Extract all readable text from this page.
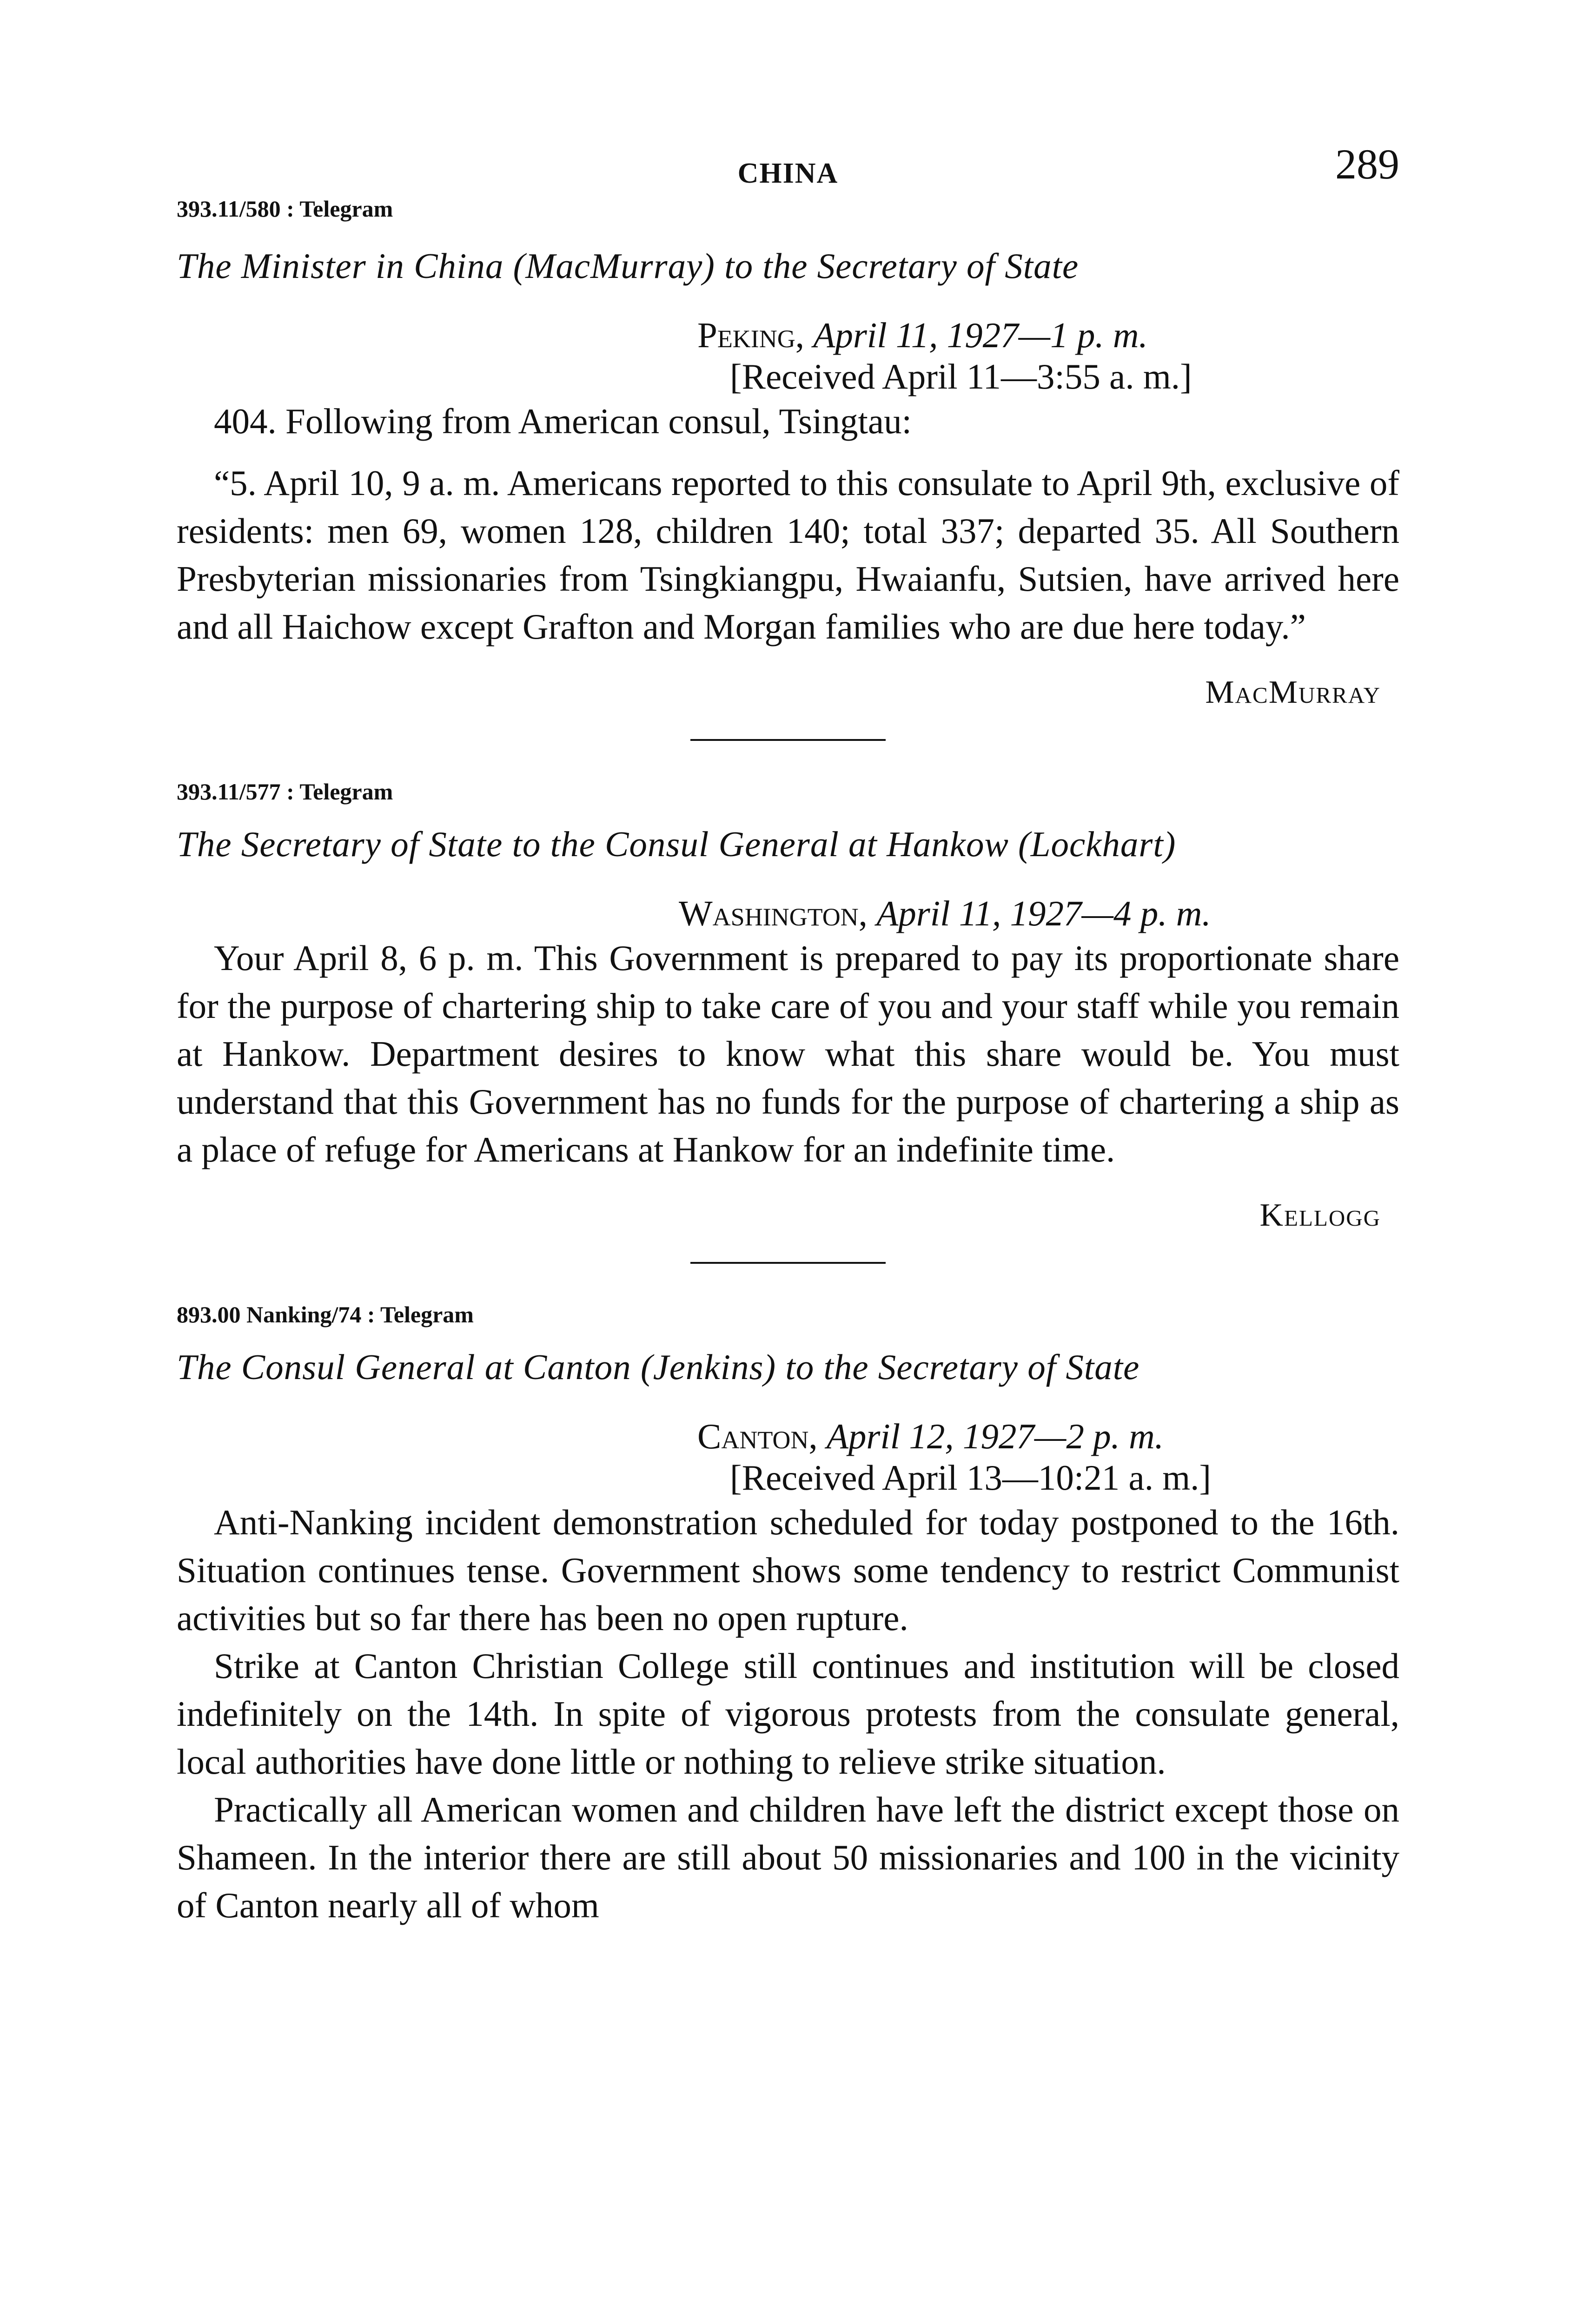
CHINA	289

393.11/580 : Telegram

The Minister in China (MacMurray) to the Secretary of State

Peking, April 11, 1927—1 p. m.

[Received April 11—3:55 a. m.]

404. Following from American consul, Tsingtau:

“5. April 10, 9 a. m. Americans reported to this consulate to April 9th, exclusive of residents: men 69, women 128, children 140; total 337; departed 35. All Southern Presbyterian missionaries from Tsingkiangpu, Hwaianfu, Sutsien, have arrived here and all Haichow except Grafton and Morgan families who are due here today.”

MacMurray

393.11/577 : Telegram

The Secretary of State to the Consul General at Hankow (Lockhart)

Washington, April 11, 1927—4 p. m.

Your April 8, 6 p. m. This Government is prepared to pay its proportionate share for the purpose of chartering ship to take care of you and your staff while you remain at Hankow. Department desires to know what this share would be. You must understand that this Government has no funds for the purpose of chartering a ship as a place of refuge for Americans at Hankow for an indefinite time.

Kellogg

893.00 Nanking/74 : Telegram

The Consul General at Canton (Jenkins) to the Secretary of State

Canton, April 12, 1927—2 p. m.

[Received April 13—10:21 a. m.]

Anti-Nanking incident demonstration scheduled for today postponed to the 16th. Situation continues tense. Government shows some tendency to restrict Communist activities but so far there has been no open rupture.

Strike at Canton Christian College still continues and institution will be closed indefinitely on the 14th. In spite of vigorous protests from the consulate general, local authorities have done little or nothing to relieve strike situation.

Practically all American women and children have left the district except those on Shameen. In the interior there are still about 50 missionaries and 100 in the vicinity of Canton nearly all of whom
